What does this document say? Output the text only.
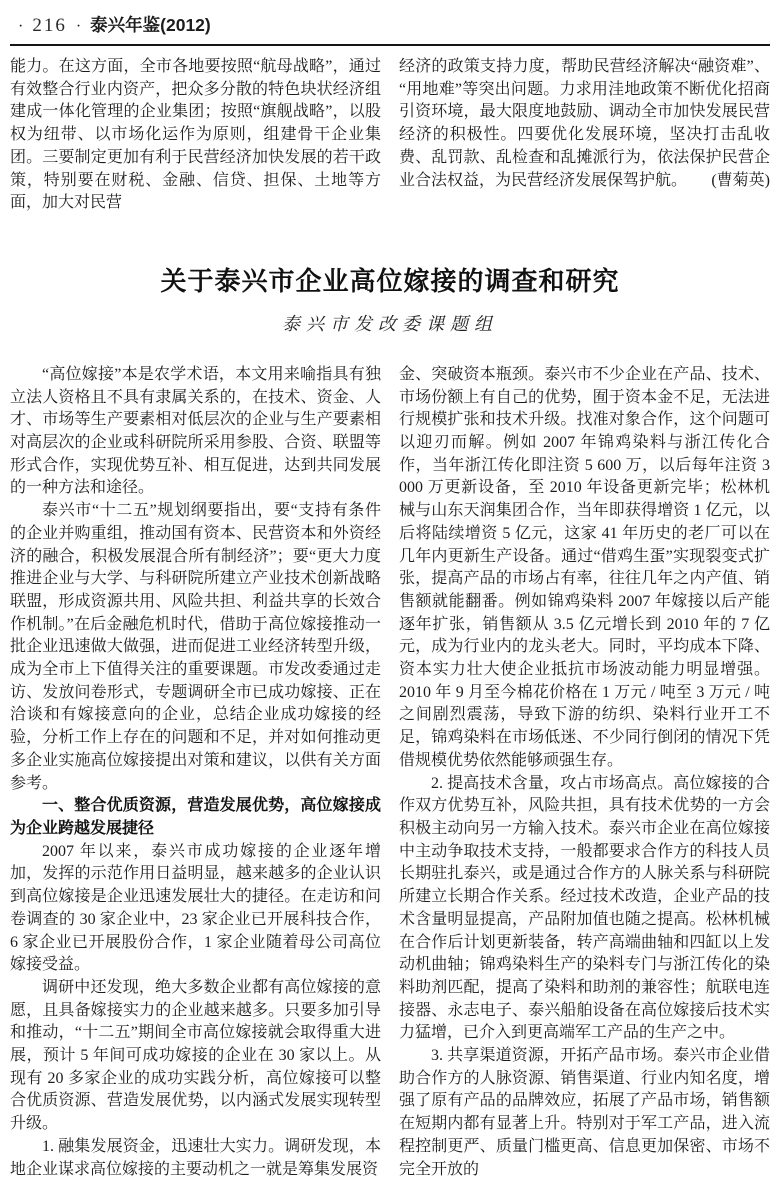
· 216 · 泰兴年鉴(2012)

能力。在这方面，全市各地要按照“航母战略”，通过有效整合行业内资产，把众多分散的特色块状经济组建成一体化管理的企业集团；按照“旗舰战略”，以股权为纽带、以市场化运作为原则，组建骨干企业集团。三要制定更加有利于民营经济加快发展的若干政策，特别要在财税、金融、信贷、担保、土地等方面，加大对民营

经济的政策支持力度，帮助民营经济解决“融资难”、“用地难”等突出问题。力求用洼地政策不断优化招商引资环境，最大限度地鼓励、调动全市加快发展民营经济的积极性。四要优化发展环境，坚决打击乱收费、乱罚款、乱检查和乱摊派行为，依法保护民营企业合法权益，为民营经济发展保驾护航。 (曹菊英)

关于泰兴市企业高位嫁接的调查和研究
泰兴市发改委课题组

“高位嫁接”本是农学术语，本文用来喻指具有独立法人资格且不具有隶属关系的，在技术、资金、人才、市场等生产要素相对低层次的企业与生产要素相对高层次的企业或科研院所采用参股、合资、联盟等形式合作，实现优势互补、相互促进，达到共同发展的一种方法和途径。

泰兴市“十二五”规划纲要指出，要“支持有条件的企业并购重组，推动国有资本、民营资本和外资经济的融合，积极发展混合所有制经济”；要“更大力度推进企业与大学、与科研院所建立产业技术创新战略联盟，形成资源共用、风险共担、利益共享的长效合作机制。”在后金融危机时代，借助于高位嫁接推动一批企业迅速做大做强，进而促进工业经济转型升级，成为全市上下值得关注的重要课题。市发改委通过走访、发放问卷形式，专题调研全市已成功嫁接、正在洽谈和有嫁接意向的企业，总结企业成功嫁接的经验，分析工作上存在的问题和不足，并对如何推动更多企业实施高位嫁接提出对策和建议，以供有关方面参考。

一、整合优质资源，营造发展优势，高位嫁接成为企业跨越发展捷径

2007 年以来，泰兴市成功嫁接的企业逐年增加，发挥的示范作用日益明显，越来越多的企业认识到高位嫁接是企业迅速发展壮大的捷径。在走访和问卷调查的 30 家企业中，23 家企业已开展科技合作，6 家企业已开展股份合作，1 家企业随着母公司高位嫁接受益。

调研中还发现，绝大多数企业都有高位嫁接的意愿，且具备嫁接实力的企业越来越多。只要多加引导和推动，“十二五”期间全市高位嫁接就会取得重大进展，预计 5 年间可成功嫁接的企业在 30 家以上。从现有 20 多家企业的成功实践分析，高位嫁接可以整合优质资源、营造发展优势，以内涵式发展实现转型升级。

1. 融集发展资金，迅速壮大实力。调研发现，本地企业谋求高位嫁接的主要动机之一就是筹集发展资

金、突破资本瓶颈。泰兴市不少企业在产品、技术、市场份额上有自己的优势，囿于资本金不足，无法进行规模扩张和技术升级。找准对象合作，这个问题可以迎刃而解。例如 2007 年锦鸡染料与浙江传化合作，当年浙江传化即注资 5 600 万，以后每年注资 3 000 万更新设备，至 2010 年设备更新完毕；松林机械与山东天润集团合作，当年即获得增资 1 亿元，以后将陆续增资 5 亿元，这家 41 年历史的老厂可以在几年内更新生产设备。通过“借鸡生蛋”实现裂变式扩张，提高产品的市场占有率，往往几年之内产值、销售额就能翻番。例如锦鸡染料 2007 年嫁接以后产能逐年扩张，销售额从 3.5 亿元增长到 2010 年的 7 亿元，成为行业内的龙头老大。同时，平均成本下降、资本实力壮大使企业抵抗市场波动能力明显增强。2010 年 9 月至今棉花价格在 1 万元 / 吨至 3 万元 / 吨之间剧烈震荡，导致下游的纺织、染料行业开工不足，锦鸡染料在市场低迷、不少同行倒闭的情况下凭借规模优势依然能够顽强生存。

2. 提高技术含量，攻占市场高点。高位嫁接的合作双方优势互补，风险共担，具有技术优势的一方会积极主动向另一方输入技术。泰兴市企业在高位嫁接中主动争取技术支持，一般都要求合作方的科技人员长期驻扎泰兴，或是通过合作方的人脉关系与科研院所建立长期合作关系。经过技术改造，企业产品的技术含量明显提高，产品附加值也随之提高。松林机械在合作后计划更新装备，转产高端曲轴和四缸以上发动机曲轴；锦鸡染料生产的染料专门与浙江传化的染料助剂匹配，提高了染料和助剂的兼容性；航联电连接器、永志电子、泰兴船舶设备在高位嫁接后技术实力猛增，已介入到更高端军工产品的生产之中。

3. 共享渠道资源，开拓产品市场。泰兴市企业借助合作方的人脉资源、销售渠道、行业内知名度，增强了原有产品的品牌效应，拓展了产品市场，销售额在短期内都有显著上升。特别对于军工产品，进入流程控制更严、质量门槛更高、信息更加保密、市场不完全开放的
